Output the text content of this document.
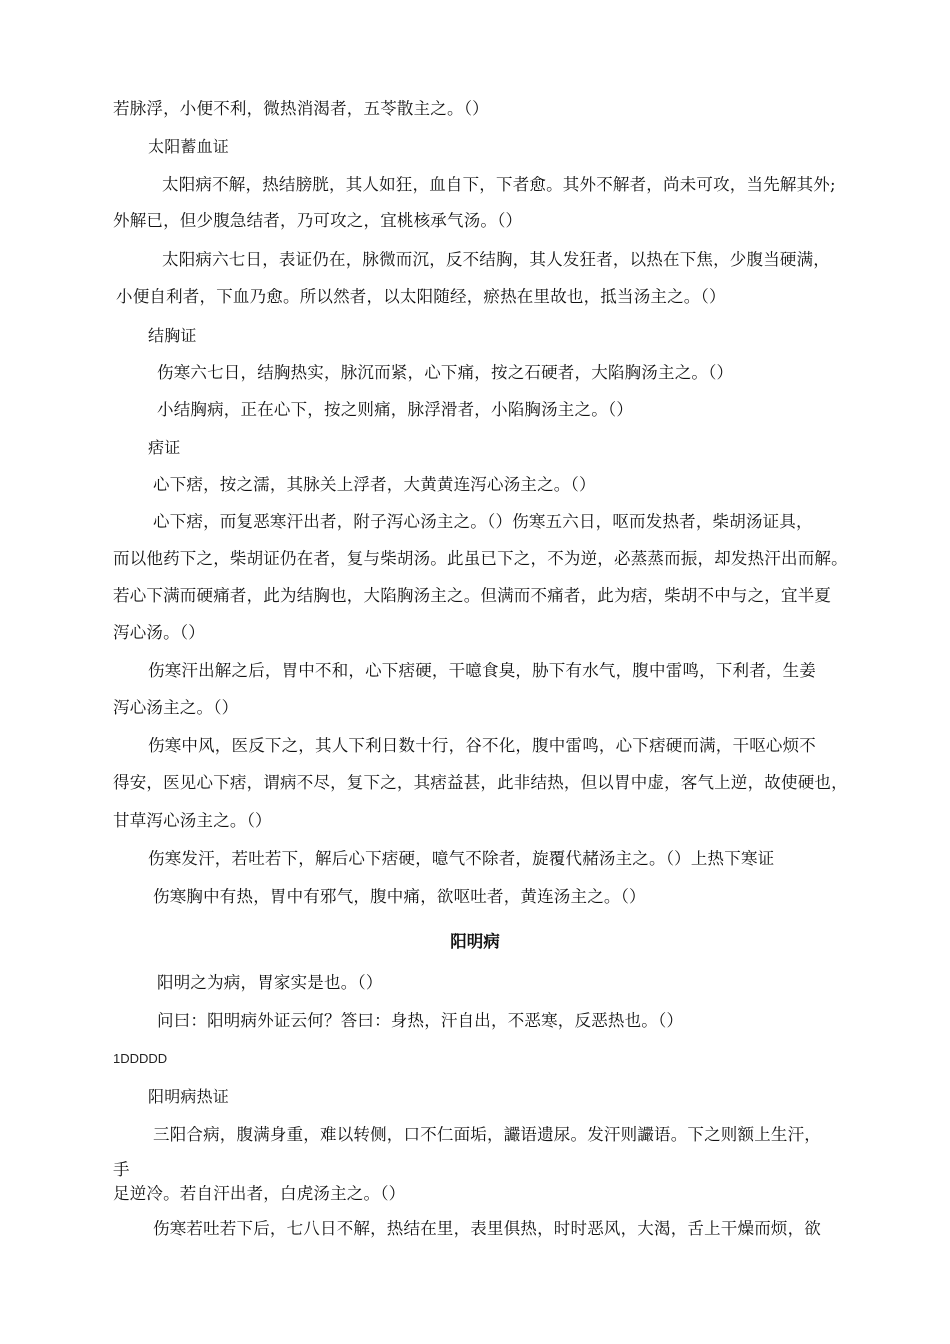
若脉浮，小便不利，微热消渴者，五苓散主之。（）
太阳蓄血证
太阳病不解，热结膀胱，其人如狂，血自下，下者愈。其外不解者，尚未可攻，当先解其外;
外解已，但少腹急结者，乃可攻之，宜桃核承气汤。（）
太阳病六七日，表证仍在，脉微而沉，反不结胸，其人发狂者，以热在下焦，少腹当硬满，
小便自利者，下血乃愈。所以然者，以太阳随经，瘀热在里故也，抵当汤主之。（）
结胸证
伤寒六七日，结胸热实，脉沉而紧，心下痛，按之石硬者，大陷胸汤主之。（）
小结胸病，正在心下，按之则痛，脉浮滑者，小陷胸汤主之。（）
痞证
心下痞，按之濡，其脉关上浮者，大黄黄连泻心汤主之。（）
心下痞，而复恶寒汗出者，附子泻心汤主之。（）伤寒五六日，呕而发热者，柴胡汤证具，
而以他药下之，柴胡证仍在者，复与柴胡汤。此虽已下之，不为逆，必蒸蒸而振，却发热汗出而解。
若心下满而硬痛者，此为结胸也，大陷胸汤主之。但满而不痛者，此为痞，柴胡不中与之，宜半夏
泻心汤。（）
伤寒汗出解之后，胃中不和，心下痞硬，干噫食臭，胁下有水气，腹中雷鸣，下利者，生姜
泻心汤主之。（）
伤寒中风，医反下之，其人下利日数十行，谷不化，腹中雷鸣，心下痞硬而满，干呕心烦不
得安，医见心下痞，谓病不尽，复下之，其痞益甚，此非结热，但以胃中虚，客气上逆，故使硬也，
甘草泻心汤主之。（）
伤寒发汗，若吐若下，解后心下痞硬，噫气不除者，旋覆代赭汤主之。（）上热下寒证
伤寒胸中有热，胃中有邪气，腹中痛，欲呕吐者，黄连汤主之。（）
阳明病
阳明之为病，胃家实是也。（）
问曰：阳明病外证云何？答曰：身热，汗自出，不恶寒，反恶热也。（）
1DDDDD
阳明病热证
三阳合病，腹满身重，难以转侧，口不仁面垢，讝语遗尿。发汗则讝语。下之则额上生汗，
手
足逆冷。若自汗出者，白虎汤主之。（）
伤寒若吐若下后，七八日不解，热结在里，表里俱热，时时恶风，大渴，舌上干燥而烦，欲
